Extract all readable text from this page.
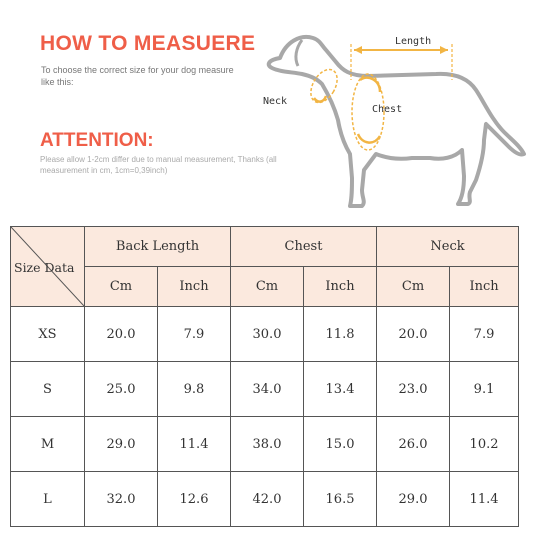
HOW TO MEASUERE
To choose the correct size for your dog measure like this:
ATTENTION:
Please allow 1-2cm differ due to manual measurement, Thanks (all measurement in cm, 1cm=0,39inch)
Length
Neck
Chest
Size Data	Back Length		Chest		Neck	
	Cm	Inch	Cm	Inch	Cm	Inch
XS	20.0	7.9	30.0	11.8	20.0	7.9
S	25.0	9.8	34.0	13.4	23.0	9.1
M	29.0	11.4	38.0	15.0	26.0	10.2
L	32.0	12.6	42.0	16.5	29.0	11.4
